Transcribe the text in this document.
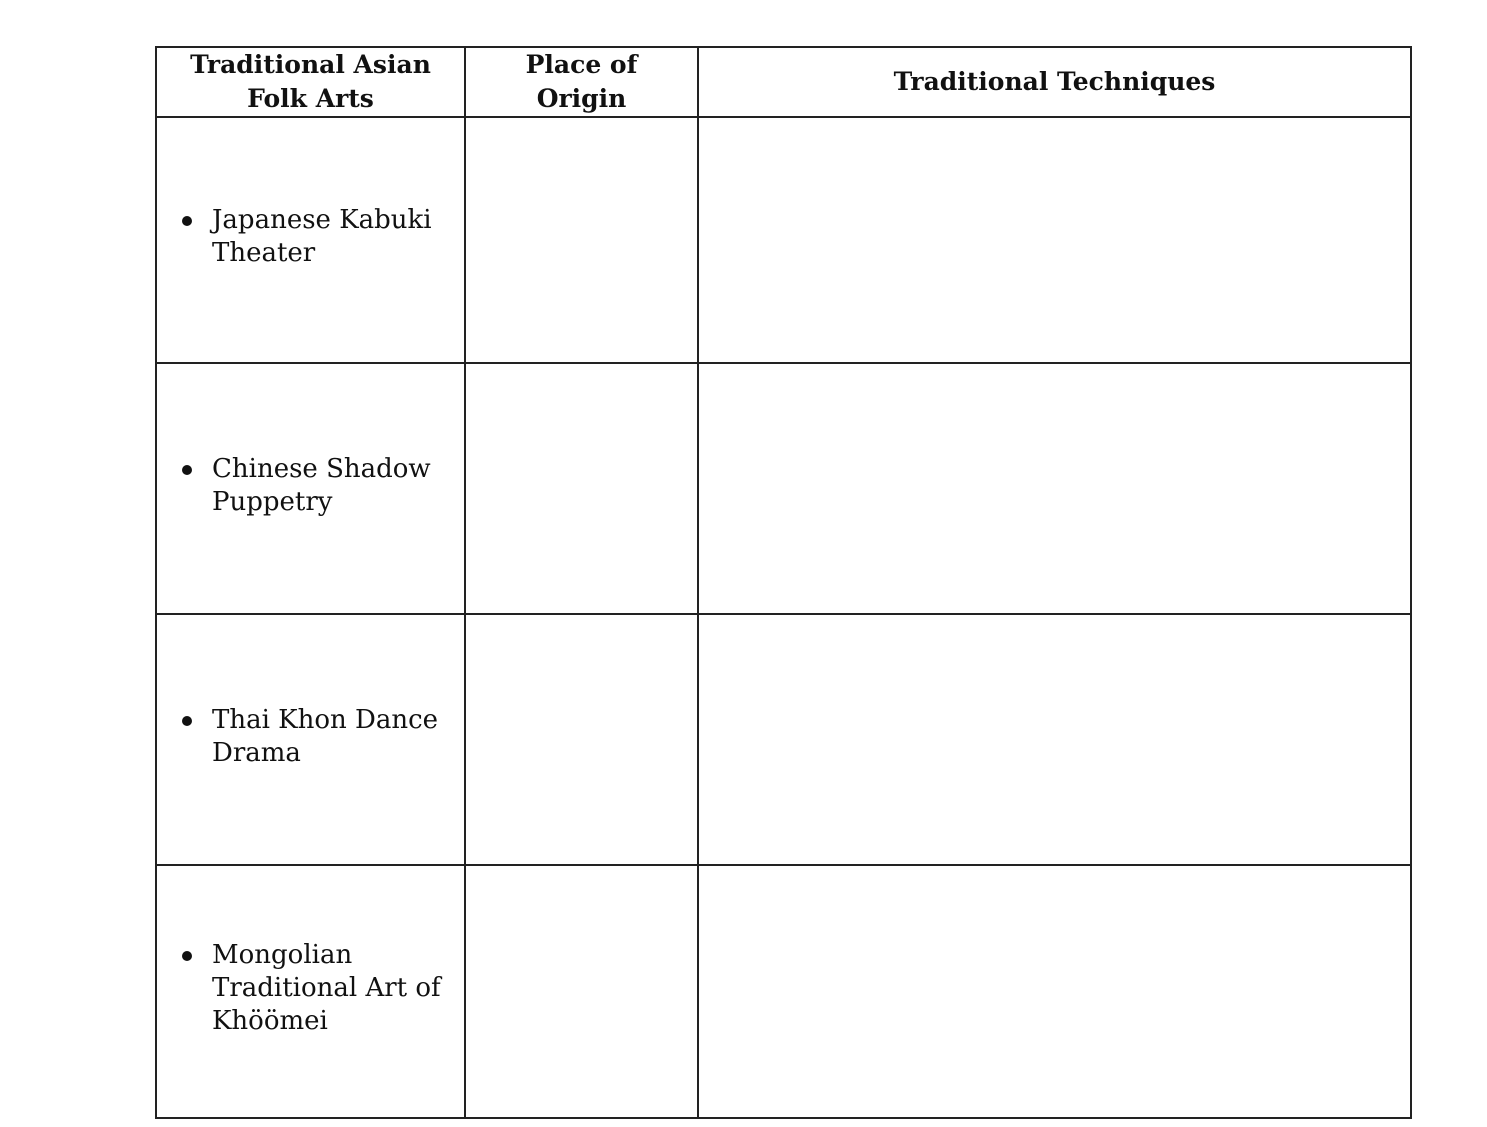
Traditional Asian Folk Arts	Place of Origin	Traditional Techniques

Japanese Kabuki Theater		

Chinese Shadow Puppetry		

Thai Khon Dance Drama		

Mongolian Traditional Art of Khöömei		
